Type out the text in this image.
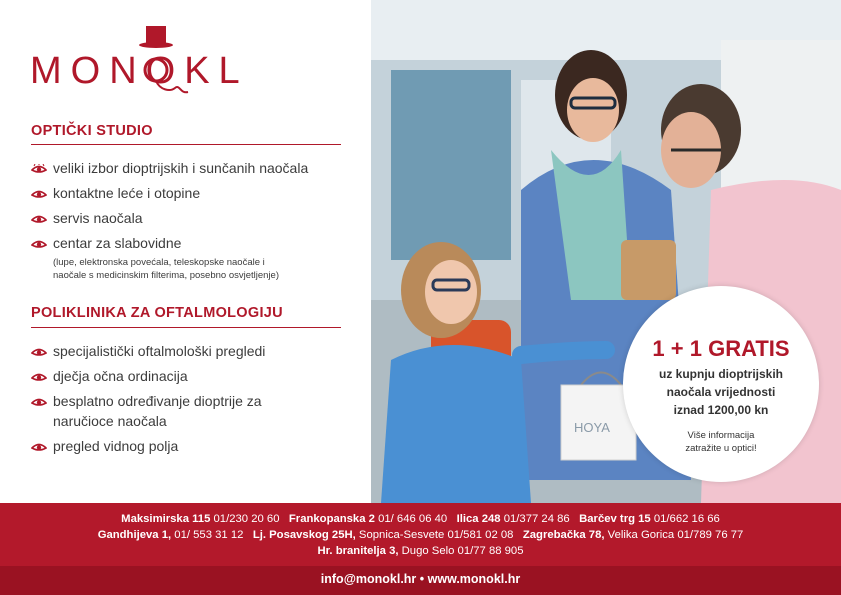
MONOKL
OPTIČKI STUDIO
veliki izbor dioptrijskih i sunčanih naočala
kontaktne leće i otopine
servis naočala
centar za slabovidne
(lupe, elektronska povećala, teleskopske naočale i
naočale s medicinskim filterima, posebno osvjetljenje)
POLIKLINIKA ZA OFTALMOLOGIJU
specijalistički oftalmološki pregledi
dječja očna ordinacija
besplatno određivanje dioptrije za
naručioce naočala
pregled vidnog polja
HOYA
1 + 1 GRATIS
uz kupnju dioptrijskih
naočala vrijednosti
iznad 1200,00 kn
Više informacija
zatražite u optici!
Maksimirska 115 01/230 20 60 Frankopanska 2 01/ 646 06 40 Ilica 248 01/377 24 86 Barčev trg 15 01/662 16 66
Gandhijeva 1, 01/ 553 31 12 Lj. Posavskog 25H, Sopnica-Sesvete 01/581 02 08 Zagrebačka 78, Velika Gorica 01/789 76 77
Hr. branitelja 3, Dugo Selo 01/77 88 905
info@monokl.hr • www.monokl.hr
